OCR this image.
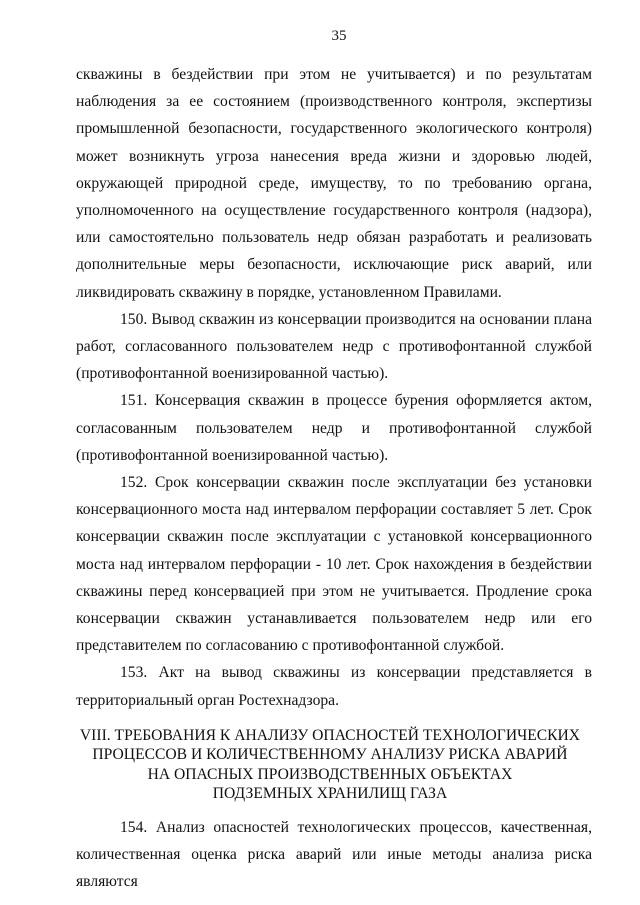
35

скважины в бездействии при этом не учитывается) и по результатам наблюдения за ее состоянием (производственного контроля, экспертизы промышленной безопасности, государственного экологического контроля) может возникнуть угроза нанесения вреда жизни и здоровью людей, окружающей природной среде, имуществу, то по требованию органа, уполномоченного на осуществление государственного контроля (надзора), или самостоятельно пользователь недр обязан разработать и реализовать дополнительные меры безопасности, исключающие риск аварий, или ликвидировать скважину в порядке, установленном Правилами.

150. Вывод скважин из консервации производится на основании плана работ, согласованного пользователем недр с противофонтанной службой (противофонтанной военизированной частью).

151. Консервация скважин в процессе бурения оформляется актом, согласованным пользователем недр и противофонтанной службой (противофонтанной военизированной частью).

152. Срок консервации скважин после эксплуатации без установки консервационного моста над интервалом перфорации составляет 5 лет. Срок консервации скважин после эксплуатации с установкой консервационного моста над интервалом перфорации - 10 лет. Срок нахождения в бездействии скважины перед консервацией при этом не учитывается. Продление срока консервации скважин устанавливается пользователем недр или его представителем по согласованию с противофонтанной службой.

153. Акт на вывод скважины из консервации представляется в территориальный орган Ростехнадзора.

VIII. ТРЕБОВАНИЯ К АНАЛИЗУ ОПАСНОСТЕЙ ТЕХНОЛОГИЧЕСКИХ
ПРОЦЕССОВ И КОЛИЧЕСТВЕННОМУ АНАЛИЗУ РИСКА АВАРИЙ
НА ОПАСНЫХ ПРОИЗВОДСТВЕННЫХ ОБЪЕКТАХ
ПОДЗЕМНЫХ ХРАНИЛИЩ ГАЗА

154. Анализ опасностей технологических процессов, качественная, количественная оценка риска аварий или иные методы анализа риска являются
